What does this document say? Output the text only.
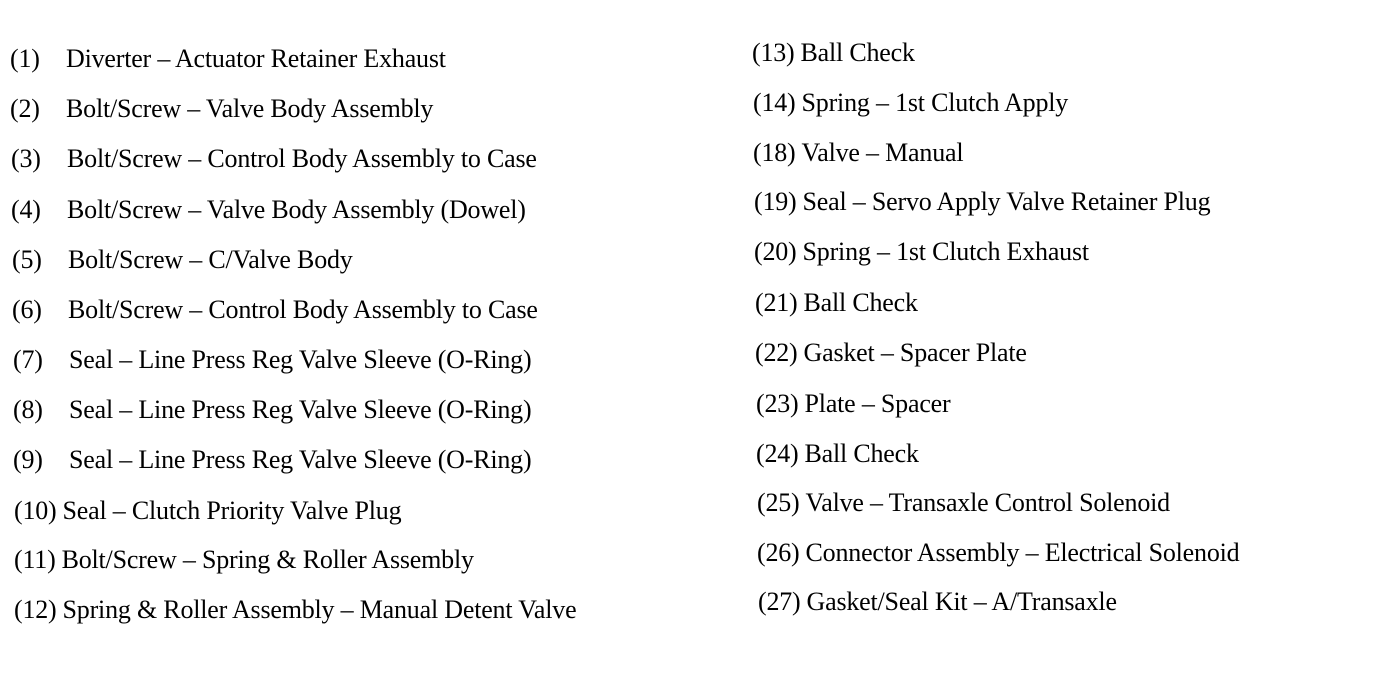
(1) Diverter – Actuator Retainer Exhaust
(2) Bolt/Screw – Valve Body Assembly
(3) Bolt/Screw – Control Body Assembly to Case
(4) Bolt/Screw – Valve Body Assembly (Dowel)
(5) Bolt/Screw – C/Valve Body
(6) Bolt/Screw – Control Body Assembly to Case
(7) Seal – Line Press Reg Valve Sleeve (O-Ring)
(8) Seal – Line Press Reg Valve Sleeve (O-Ring)
(9) Seal – Line Press Reg Valve Sleeve (O-Ring)
(10) Seal – Clutch Priority Valve Plug
(11) Bolt/Screw – Spring & Roller Assembly
(12) Spring & Roller Assembly – Manual Detent Valve
(13) Ball Check
(14) Spring – 1st Clutch Apply
(18) Valve – Manual
(19) Seal – Servo Apply Valve Retainer Plug
(20) Spring – 1st Clutch Exhaust
(21) Ball Check
(22) Gasket – Spacer Plate
(23) Plate – Spacer
(24) Ball Check
(25) Valve – Transaxle Control Solenoid
(26) Connector Assembly – Electrical Solenoid
(27) Gasket/Seal Kit – A/Transaxle
